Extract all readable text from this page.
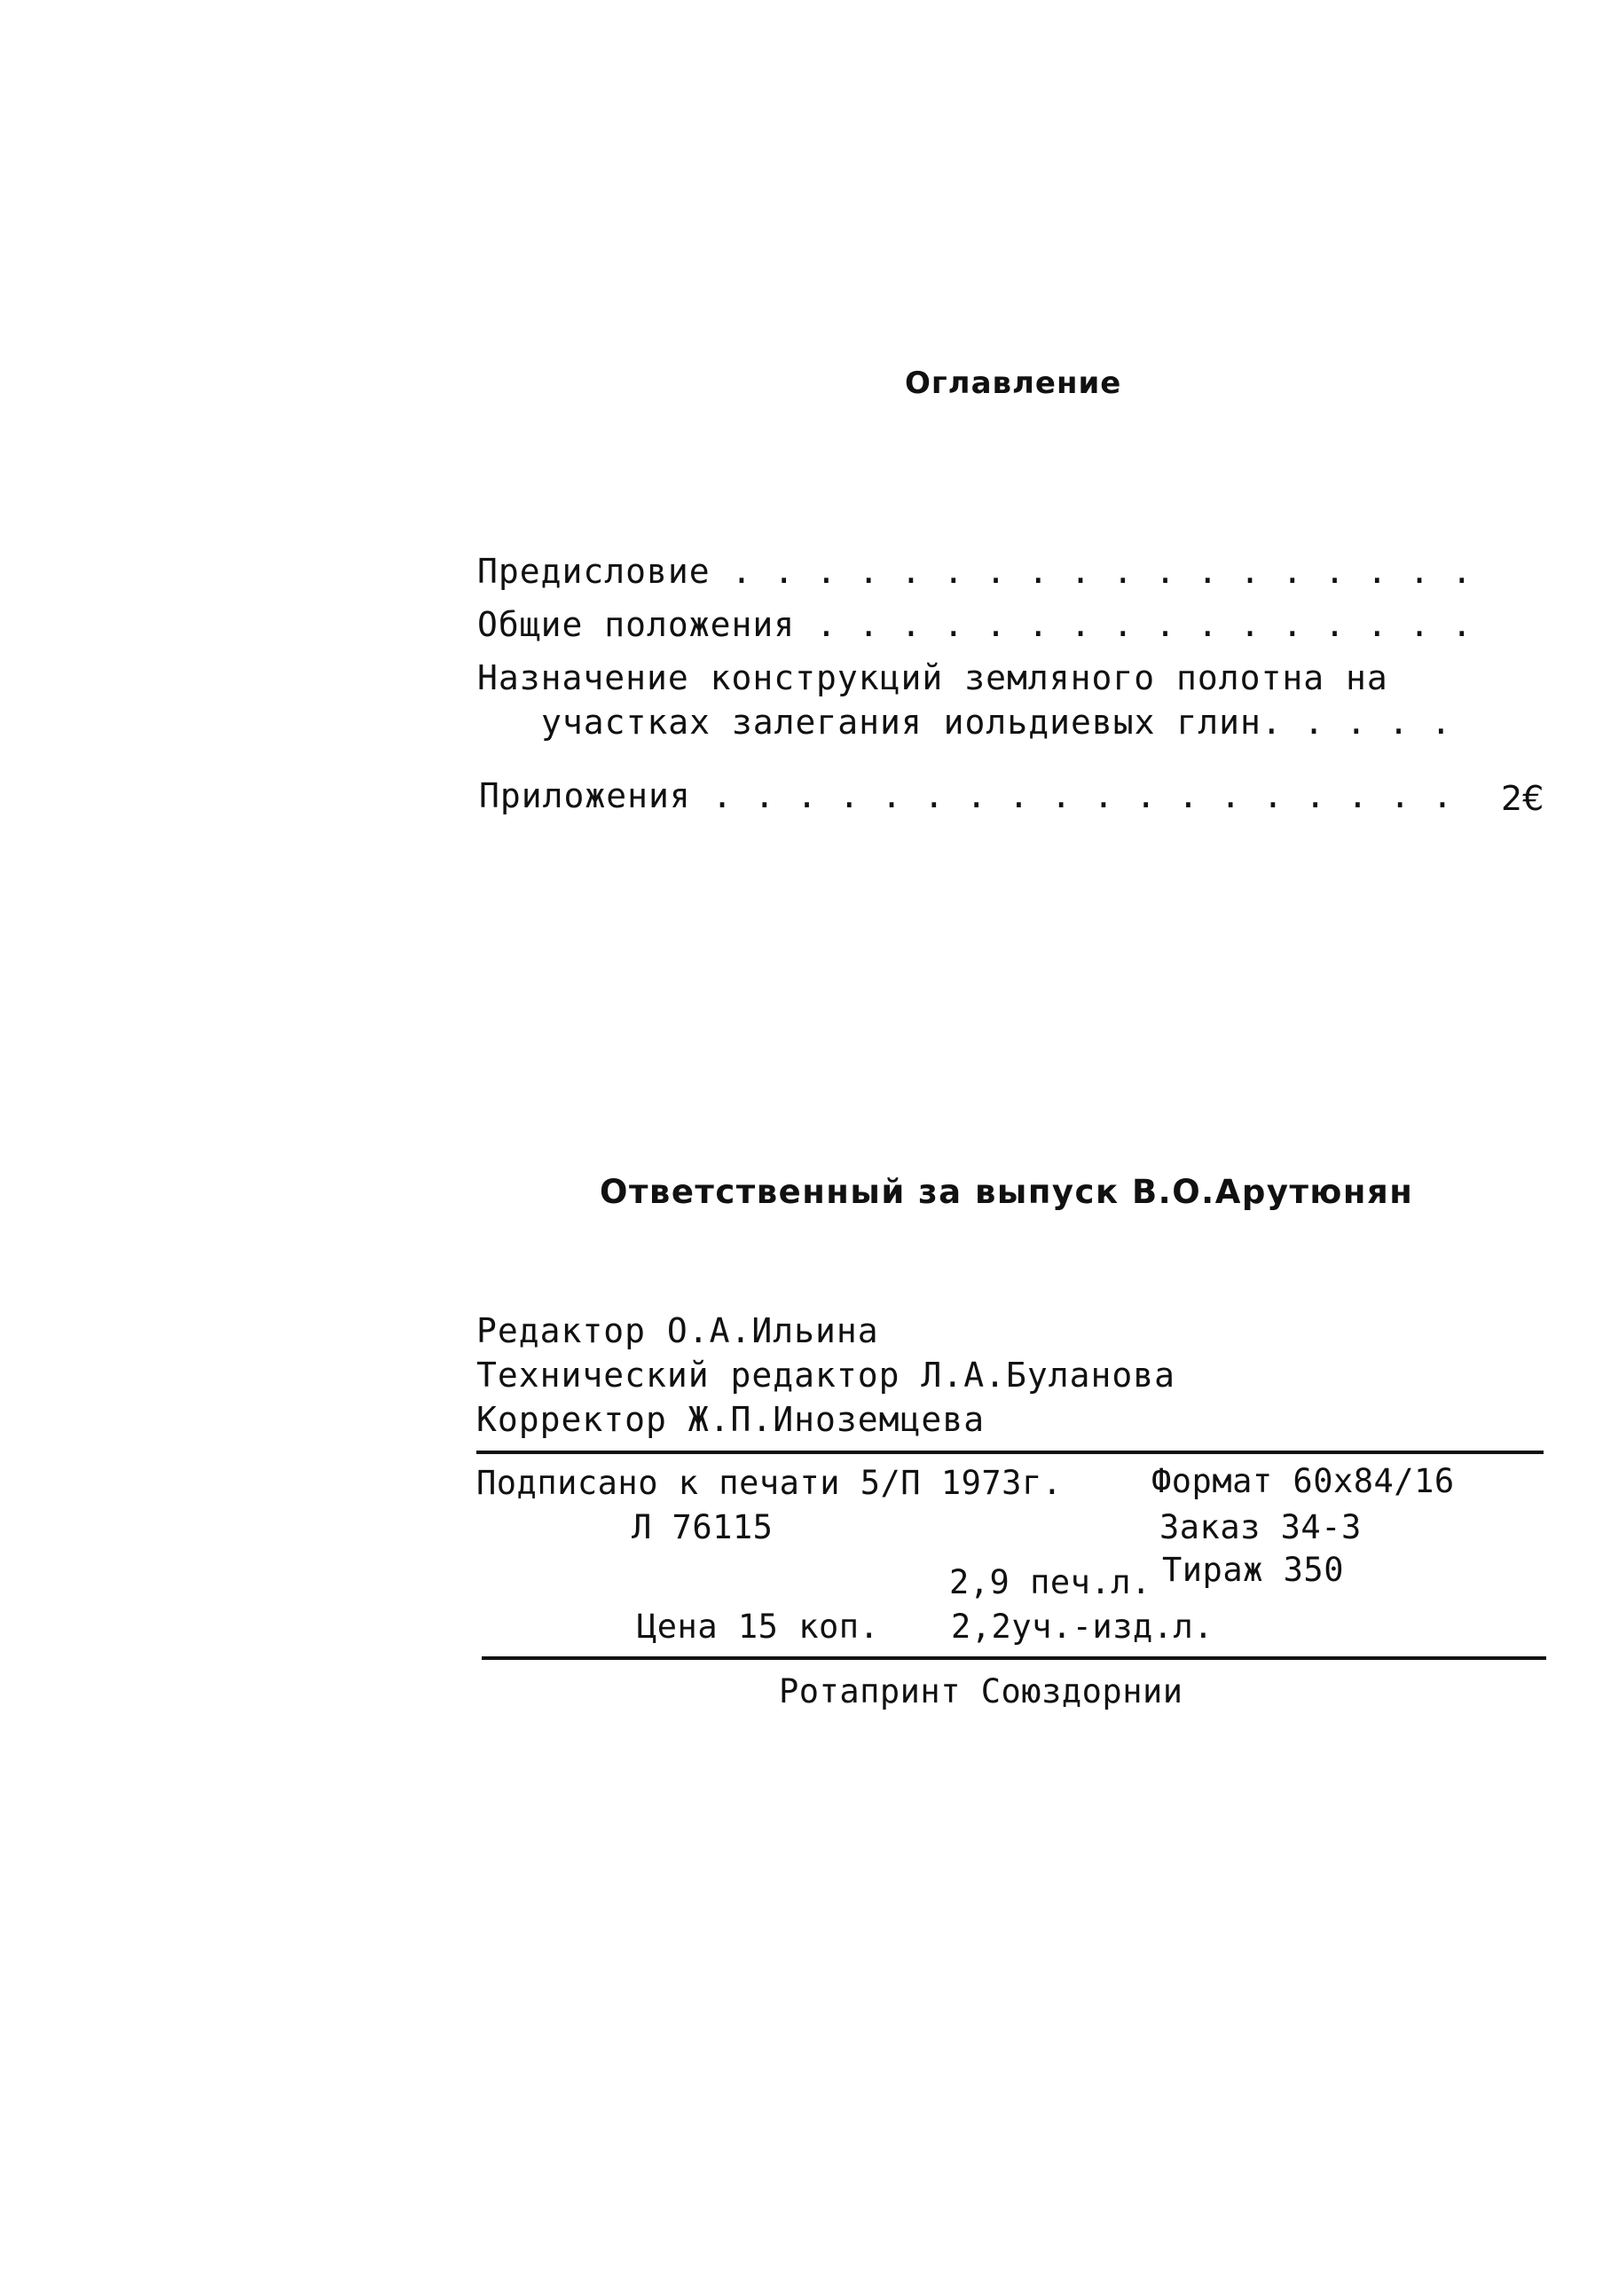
Оглавление
Предисловие . . . . . . . . . . . . . . . . . .
Общие положения . . . . . . . . . . . . . . . .
Назначение конструкций земляного полотна на
участках залегания иольдиевых глин. . . . .
Приложения . . . . . . . . . . . . . . . . . . 2€
Ответственный за выпуск В.О.Арутюнян
Редактор О.А.Ильина
Технический редактор Л.А.Буланова
Корректор Ж.П.Иноземцева
Подписано к печати 5/П 1973г.	Формат 60х84/16
Л 76115	Заказ 34-3
2,9 печ.л. Тираж 350
Цена 15 коп. 2,2уч.-изд.л.
Ротапринт Союздорнии
